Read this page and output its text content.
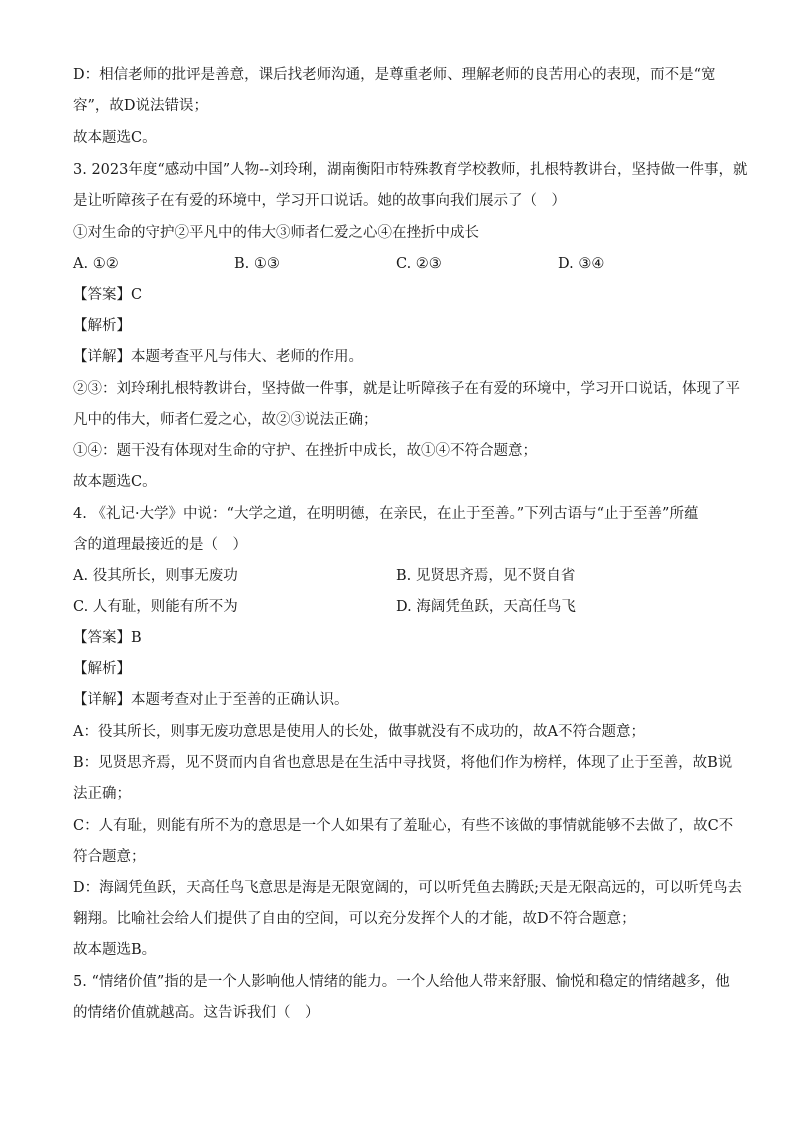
D：相信老师的批评是善意，课后找老师沟通，是尊重老师、理解老师的良苦用心的表现，而不是“宽
容”，故D说法错误；
故本题选C。
3. 2023年度“感动中国”人物--刘玲琍，湖南衡阳市特殊教育学校教师，扎根特教讲台，坚持做一件事，就
是让听障孩子在有爱的环境中，学习开口说话。她的故事向我们展示了（　）
①对生命的守护②平凡中的伟大③师者仁爱之心④在挫折中成长
A. ①②	B. ①③	C. ②③	D. ③④
【答案】C
【解析】
【详解】本题考查平凡与伟大、老师的作用。
②③：刘玲琍扎根特教讲台，坚持做一件事，就是让听障孩子在有爱的环境中，学习开口说话，体现了平
凡中的伟大，师者仁爱之心，故②③说法正确；
①④：题干没有体现对生命的守护、在挫折中成长，故①④不符合题意；
故本题选C。
4. 《礼记·大学》中说：“大学之道，在明明德，在亲民，在止于至善。”下列古语与“止于至善”所蕴
含的道理最接近的是（　）
A. 役其所长，则事无废功	B. 见贤思齐焉，见不贤自省
C. 人有耻，则能有所不为	D. 海阔凭鱼跃，天高任鸟飞
【答案】B
【解析】
【详解】本题考查对止于至善的正确认识。
A：役其所长，则事无废功意思是使用人的长处，做事就没有不成功的，故A不符合题意；
B：见贤思齐焉，见不贤而内自省也意思是在生活中寻找贤，将他们作为榜样，体现了止于至善，故B说
法正确；
C：人有耻，则能有所不为的意思是一个人如果有了羞耻心，有些不该做的事情就能够不去做了，故C不
符合题意；
D：海阔凭鱼跃，天高任鸟飞意思是海是无限宽阔的，可以听凭鱼去腾跃;天是无限高远的，可以听凭鸟去
翱翔。比喻社会给人们提供了自由的空间，可以充分发挥个人的才能，故D不符合题意；
故本题选B。
5. “情绪价值”指的是一个人影响他人情绪的能力。一个人给他人带来舒服、愉悦和稳定的情绪越多，他
的情绪价值就越高。这告诉我们（　）
